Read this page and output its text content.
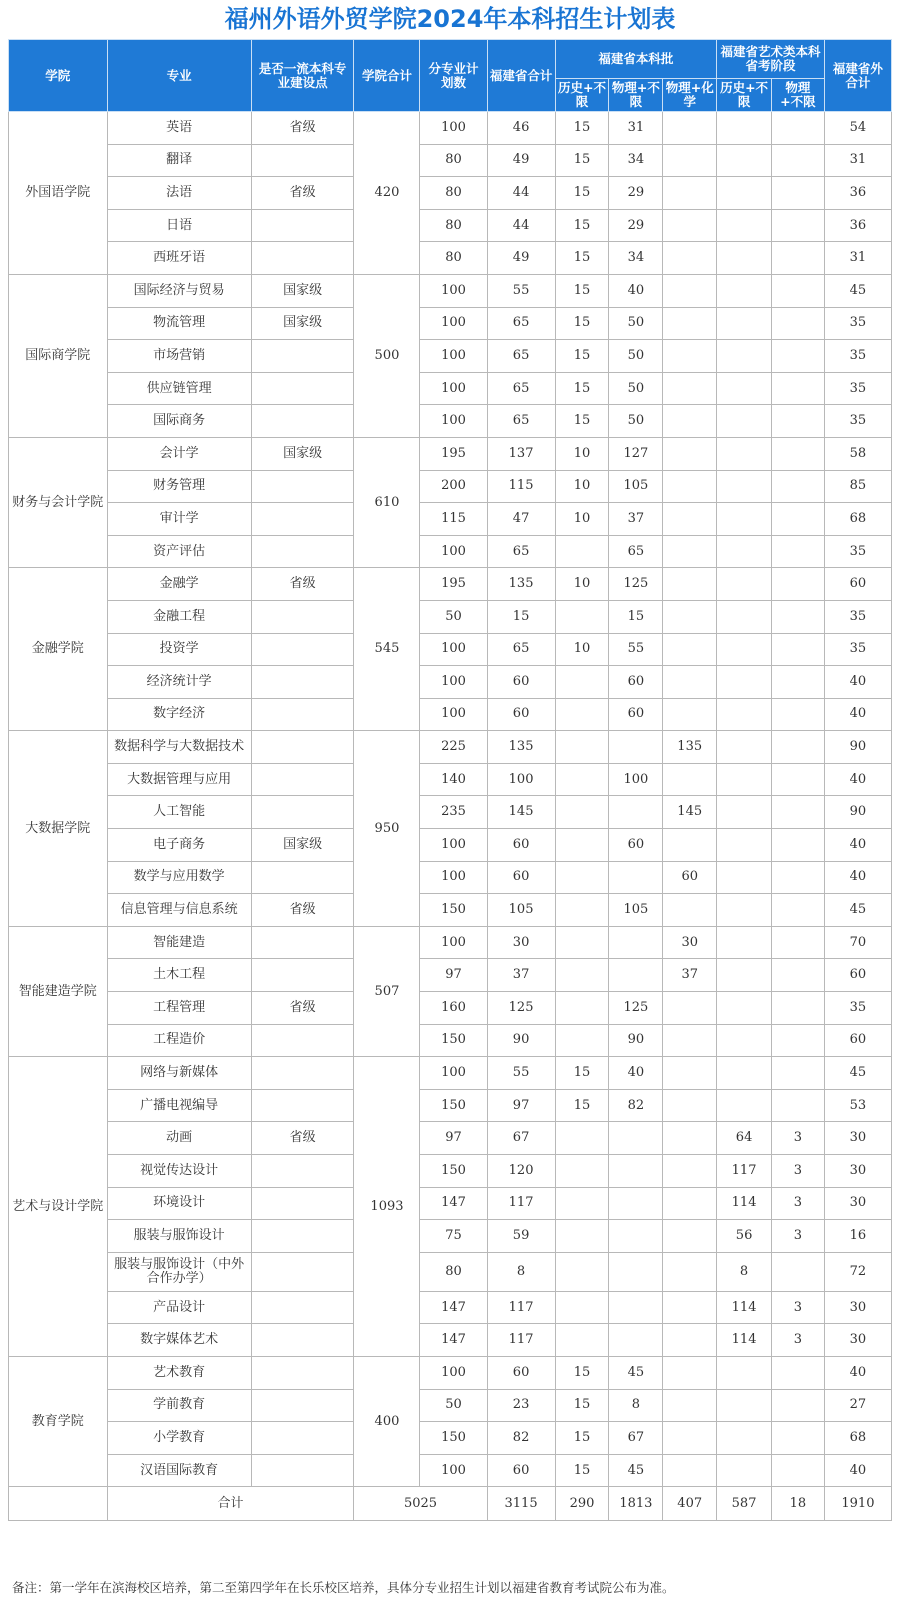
福州外语外贸学院2024年本科招生计划表
学院	专业	是否一流本科专业建设点	学院合计	分专业计划数	福建省合计	福建省本科批			福建省艺术类本科省考阶段		福建省外合计
						历史+不限	物理+不限	物理+化学	历史+不限	物理+不限	
外国语学院	英语	省级	420	100	46	15	31				54
	翻译			80	49	15	34				31
	法语	省级		80	44	15	29				36
	日语			80	44	15	29				36
	西班牙语			80	49	15	34				31
国际商学院	国际经济与贸易	国家级	500	100	55	15	40				45
	物流管理	国家级		100	65	15	50				35
	市场营销			100	65	15	50				35
	供应链管理			100	65	15	50				35
	国际商务			100	65	15	50				35
财务与会计学院	会计学	国家级	610	195	137	10	127				58
	财务管理			200	115	10	105				85
	审计学			115	47	10	37				68
	资产评估			100	65		65				35
金融学院	金融学	省级	545	195	135	10	125				60
	金融工程			50	15		15				35
	投资学			100	65	10	55				35
	经济统计学			100	60		60				40
	数字经济			100	60		60				40
大数据学院	数据科学与大数据技术		950	225	135			135			90
	大数据管理与应用			140	100		100				40
	人工智能			235	145			145			90
	电子商务	国家级		100	60		60				40
	数学与应用数学			100	60			60			40
	信息管理与信息系统	省级		150	105		105				45
智能建造学院	智能建造		507	100	30			30			70
	土木工程			97	37			37			60
	工程管理	省级		160	125		125				35
	工程造价			150	90		90				60
艺术与设计学院	网络与新媒体		1093	100	55	15	40				45
	广播电视编导			150	97	15	82				53
	动画	省级		97	67				64	3	30
	视觉传达设计			150	120				117	3	30
	环境设计			147	117				114	3	30
	服装与服饰设计			75	59				56	3	16
	服装与服饰设计（中外合作办学）			80	8				8		72
	产品设计			147	117				114	3	30
	数字媒体艺术			147	117				114	3	30
教育学院	艺术教育		400	100	60	15	45				40
	学前教育			50	23	15	8				27
	小学教育			150	82	15	67				68
	汉语国际教育			100	60	15	45				40
	合计		5025		3115	290	1813	407	587	18	1910
备注：第一学年在滨海校区培养，第二至第四学年在长乐校区培养，具体分专业招生计划以福建省教育考试院公布为准。
